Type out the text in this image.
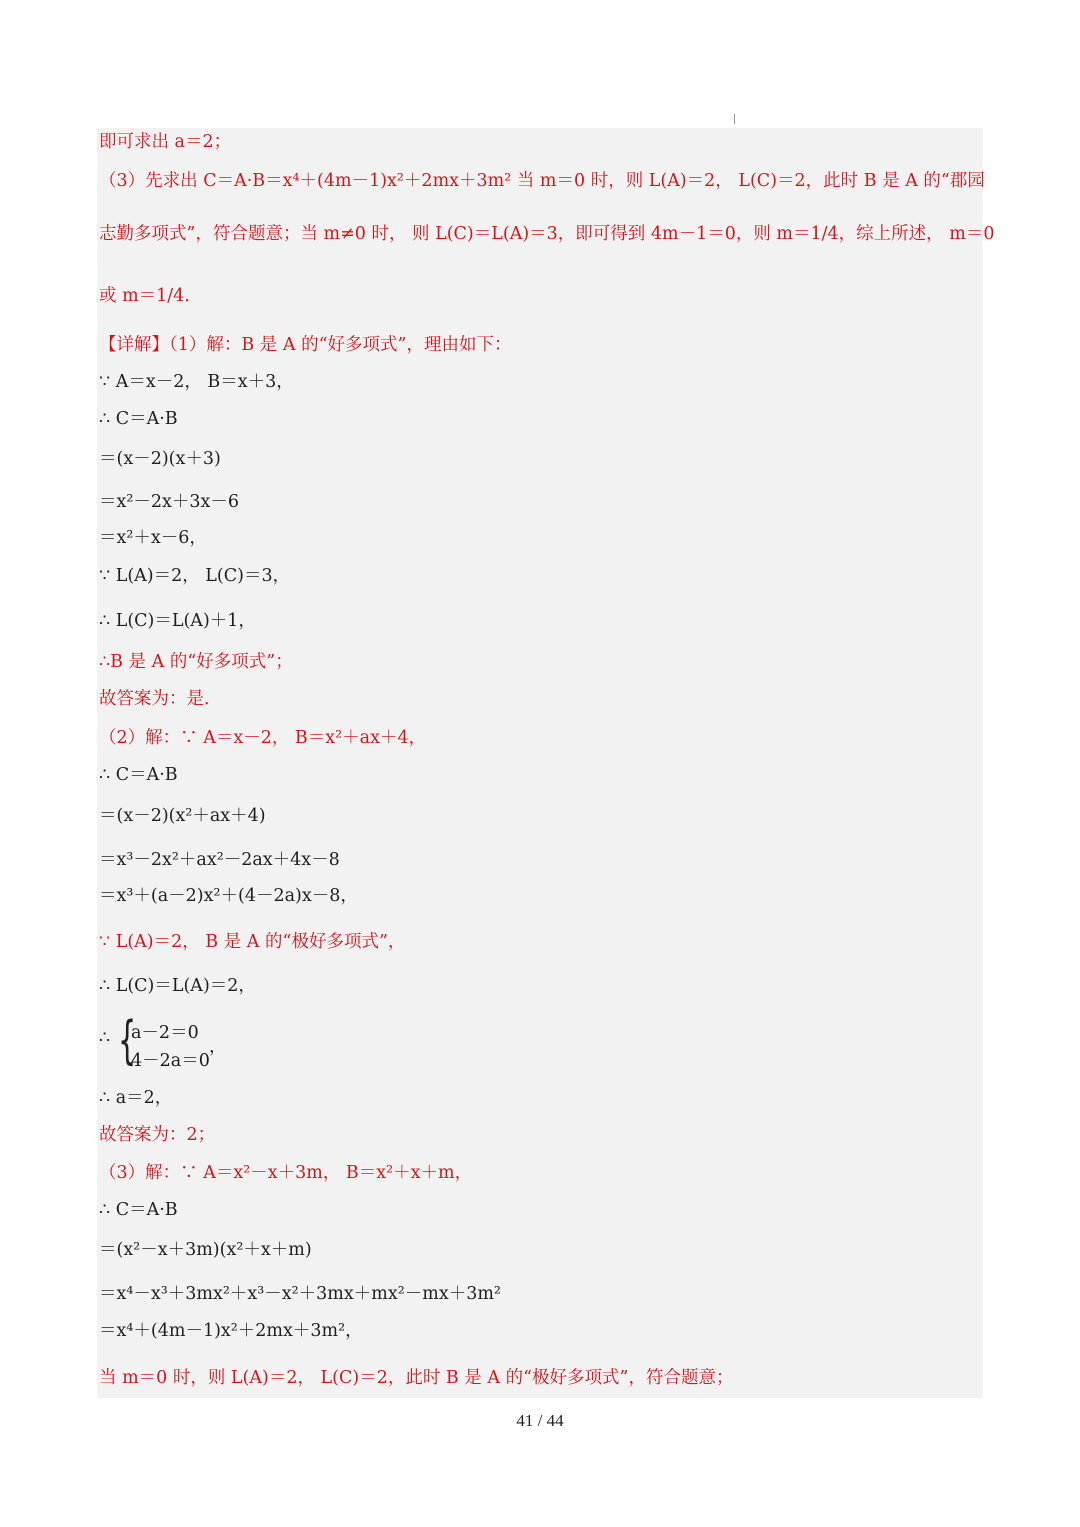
即可求出 a＝2；
（3）先求出 C＝A·B＝x⁴＋(4m－1)x²＋2mx＋3m² 当 m＝0 时，则 L(A)＝2， L(C)＝2，此时 B 是 A 的“郡园
志勤多项式”，符合题意；当 m≠0 时， 则 L(C)＝L(A)＝3，即可得到 4m－1＝0，则 m＝1/4，综上所述， m＝0
或 m＝1/4．
【详解】（1）解：B 是 A 的“好多项式”，理由如下：
∵ A＝x－2， B＝x＋3，
∴ C＝A·B
＝(x－2)(x＋3)
＝x²－2x＋3x－6
＝x²＋x－6，
∵ L(A)＝2， L(C)＝3，
∴ L(C)＝L(A)＋1，
∴B 是 A 的“好多项式”；
故答案为：是．
（2）解：∵ A＝x－2， B＝x²＋ax＋4，
∴ C＝A·B
＝(x－2)(x²＋ax＋4)
＝x³－2x²＋ax²－2ax＋4x－8
＝x³＋(a－2)x²＋(4－2a)x－8，
∵ L(A)＝2， B 是 A 的“极好多项式”，
∴ L(C)＝L(A)＝2，
∴ {
a－2＝0
4－2a＝0
，
∴ a＝2，
故答案为：2；
（3）解：∵ A＝x²－x＋3m， B＝x²＋x＋m，
∴ C＝A·B
＝(x²－x＋3m)(x²＋x＋m)
＝x⁴－x³＋3mx²＋x³－x²＋3mx＋mx²－mx＋3m²
＝x⁴＋(4m－1)x²＋2mx＋3m²，
当 m＝0 时，则 L(A)＝2， L(C)＝2，此时 B 是 A 的“极好多项式”，符合题意；
41 / 44
